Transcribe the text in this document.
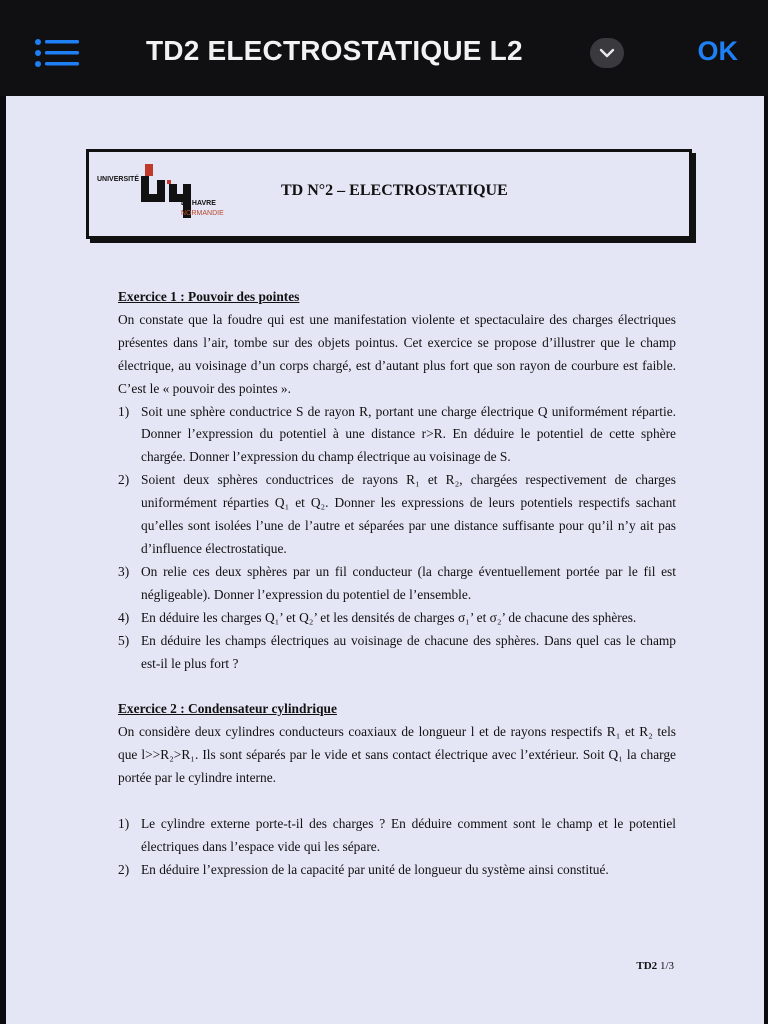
TD2 ELECTROSTATIQUE L2	OK
UNIVERSITÉ
LE HAVRE
NORMANDIE
TD N°2 – ELECTROSTATIQUE

Exercice 1 : Pouvoir des pointes

On constate que la foudre qui est une manifestation violente et spectaculaire des charges électriques présentes dans l’air, tombe sur des objets pointus. Cet exercice se propose d’illustrer que le champ électrique, au voisinage d’un corps chargé, est d’autant plus fort que son rayon de courbure est faible. C’est le « pouvoir des pointes ».

1) Soit une sphère conductrice S de rayon R, portant une charge électrique Q uniformément répartie. Donner l’expression du potentiel à une distance r>R. En déduire le potentiel de cette sphère chargée. Donner l’expression du champ électrique au voisinage de S.
2) Soient deux sphères conductrices de rayons R₁ et R₂, chargées respectivement de charges uniformément réparties Q₁ et Q₂. Donner les expressions de leurs potentiels respectifs sachant qu’elles sont isolées l’une de l’autre et séparées par une distance suffisante pour qu’il n’y ait pas d’influence électrostatique.
3) On relie ces deux sphères par un fil conducteur (la charge éventuellement portée par le fil est négligeable). Donner l’expression du potentiel de l’ensemble.
4) En déduire les charges Q₁’ et Q₂’ et les densités de charges σ₁’ et σ₂’ de chacune des sphères.
5) En déduire les champs électriques au voisinage de chacune des sphères. Dans quel cas le champ est-il le plus fort ?

Exercice 2 : Condensateur cylindrique

On considère deux cylindres conducteurs coaxiaux de longueur l et de rayons respectifs R₁ et R₂ tels que l>>R₂>R₁. Ils sont séparés par le vide et sans contact électrique avec l’extérieur. Soit Q₁ la charge portée par le cylindre interne.

1) Le cylindre externe porte-t-il des charges ? En déduire comment sont le champ et le potentiel électriques dans l’espace vide qui les sépare.
2) En déduire l’expression de la capacité par unité de longueur du système ainsi constitué.
TD2 1/3
